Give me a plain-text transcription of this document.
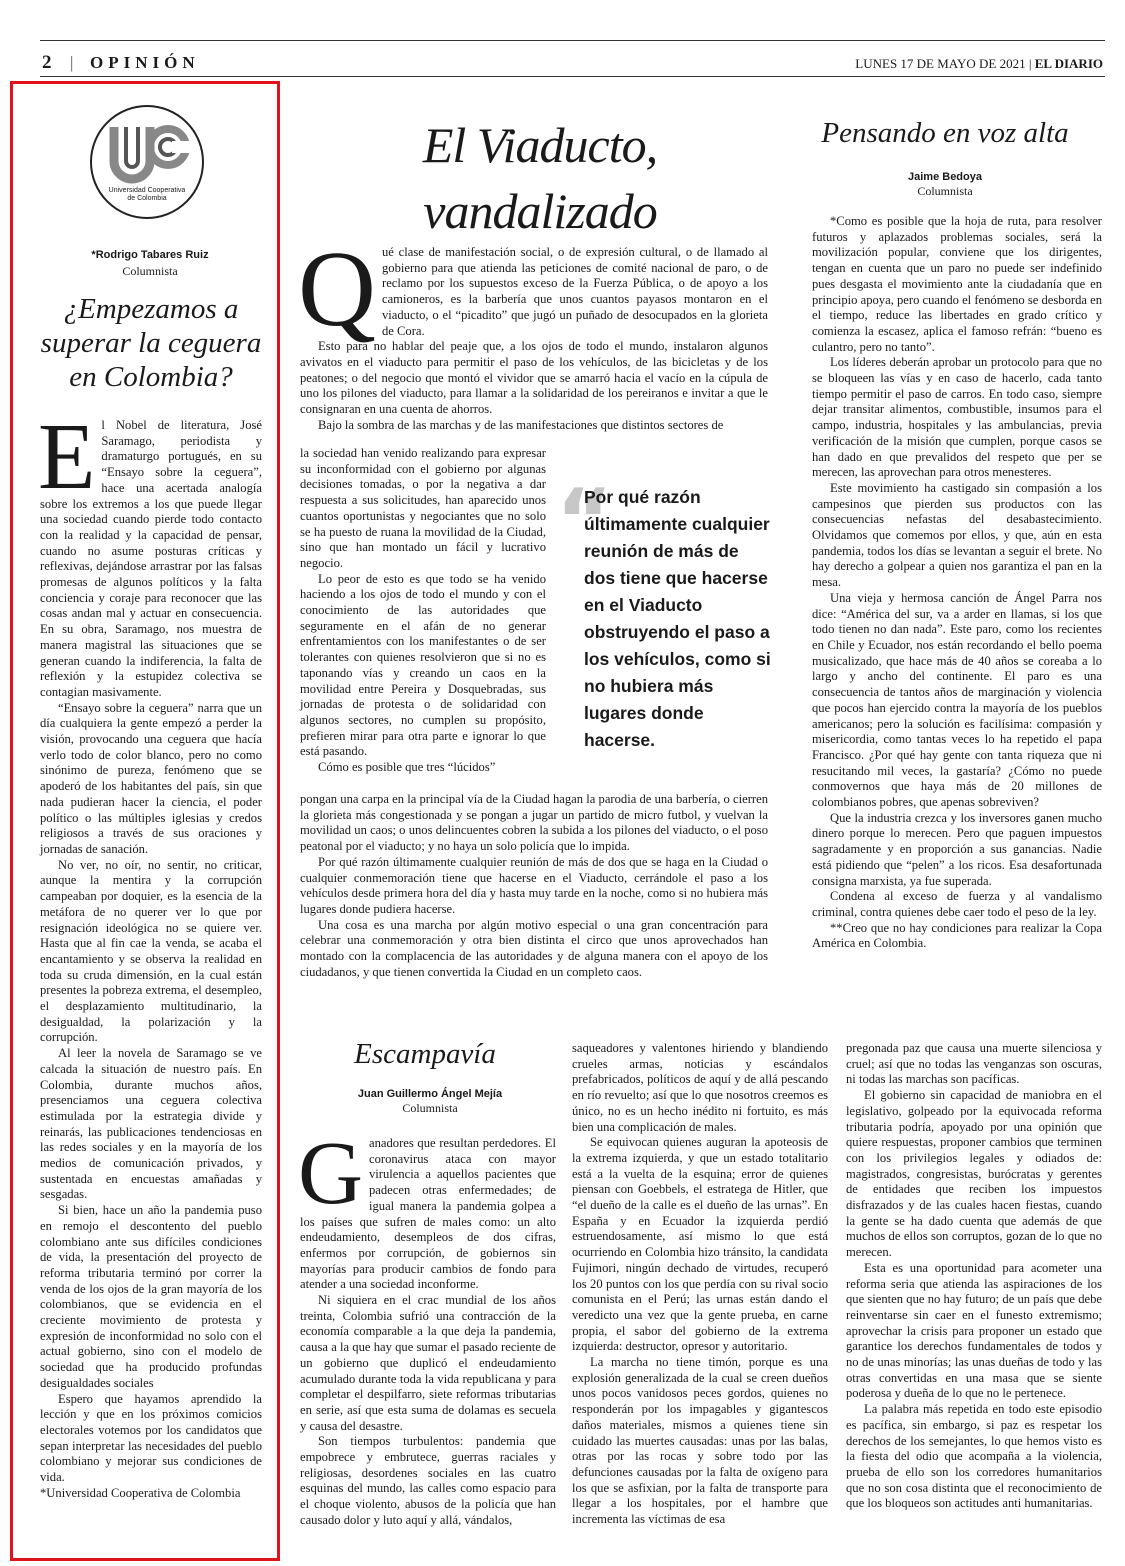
2 | OPINIÓN	LUNES 17 DE MAYO DE 2021 | EL DIARIO
Universidad Cooperativa
de Colombia
*Rodrigo Tabares Ruiz
Columnista
¿Empezamos a
superar la ceguera
en Colombia?

El Nobel de literatura, José Saramago, periodista y dramaturgo portugués, en su “Ensayo sobre la ceguera”, hace una acertada analogía sobre los extremos a los que puede llegar una sociedad cuando pierde todo contacto con la realidad y la capacidad de pensar, cuando no asume posturas críticas y reflexivas, dejándose arrastrar por las falsas promesas de algunos políticos y la falta conciencia y coraje para reconocer que las cosas andan mal y actuar en consecuencia. En su obra, Saramago, nos muestra de manera magistral las situaciones que se generan cuando la indiferencia, la falta de reflexión y la estupidez colectiva se contagian masivamente.

“Ensayo sobre la ceguera” narra que un día cualquiera la gente empezó a perder la visión, provocando una ceguera que hacía verlo todo de color blanco, pero no como sinónimo de pureza, fenómeno que se apoderó de los habitantes del país, sin que nada pudieran hacer la ciencia, el poder político o las múltiples iglesias y credos religiosos a través de sus oraciones y jornadas de sanación.

No ver, no oír, no sentir, no criticar, aunque la mentira y la corrupción campeaban por doquier, es la esencia de la metáfora de no querer ver lo que por resignación ideológica no se quiere ver. Hasta que al fin cae la venda, se acaba el encantamiento y se observa la realidad en toda su cruda dimensión, en la cual están presentes la pobreza extrema, el desempleo, el desplazamiento multitudinario, la desigualdad, la polarización y la corrupción.

Al leer la novela de Saramago se ve calcada la situación de nuestro país. En Colombia, durante muchos años, presenciamos una ceguera colectiva estimulada por la estrategia divide y reinarás, las publicaciones tendenciosas en las redes sociales y en la mayoría de los medios de comunicación privados, y sustentada en encuestas amañadas y sesgadas.

Si bien, hace un año la pandemia puso en remojo el descontento del pueblo colombiano ante sus difíciles condiciones de vida, la presentación del proyecto de reforma tributaria terminó por correr la venda de los ojos de la gran mayoría de los colombianos, que se evidencia en el creciente movimiento de protesta y expresión de inconformidad no solo con el actual gobierno, sino con el modelo de sociedad que ha producido profundas desigualdades sociales

Espero que hayamos aprendido la lección y que en los próximos comicios electorales votemos por los candidatos que sepan interpretar las necesidades del pueblo colombiano y mejorar sus condiciones de vida.

*Universidad Cooperativa de Colombia

El Viaducto,
vandalizado

Qué clase de manifestación social, o de expresión cultural, o de llamado al gobierno para que atienda las peticiones de comité nacional de paro, o de reclamo por los supuestos exceso de la Fuerza Pública, o de apoyo a los camioneros, es la barbería que unos cuantos payasos montaron en el viaducto, o el “picadito” que jugó un puñado de desocupados en la glorieta de Cora.

Esto para no hablar del peaje que, a los ojos de todo el mundo, instalaron algunos avivatos en el viaducto para permitir el paso de los vehículos, de las bicicletas y de los peatones; o del negocio que montó el vividor que se amarró hacia el vacío en la cúpula de uno los pilones del viaducto, para llamar a la solidaridad de los pereiranos e invitar a que le consignaran en una cuenta de ahorros.

Bajo la sombra de las marchas y de las manifestaciones que distintos sectores de

la sociedad han venido realizando para expresar su inconformidad con el gobierno por algunas decisiones tomadas, o por la negativa a dar respuesta a sus solicitudes, han aparecido unos cuantos oportunistas y negociantes que no solo se ha puesto de ruana la movilidad de la Ciudad, sino que han montado un fácil y lucrativo negocio.

Lo peor de esto es que todo se ha venido haciendo a los ojos de todo el mundo y con el conocimiento de las autoridades que seguramente en el afán de no generar enfrentamientos con los manifestantes o de ser tolerantes con quienes resolvieron que si no es taponando vías y creando un caos en la movilidad entre Pereira y Dosquebradas, sus jornadas de protesta o de solidaridad con algunos sectores, no cumplen su propósito, prefieren mirar para otra parte e ignorar lo que está pasando.

Cómo es posible que tres “lúcidos”

“
Por qué razón últimamente cualquier reunión de más de dos tiene que hacerse en el Viaducto obstruyendo el paso a los vehículos, como si no hubiera más lugares donde hacerse.

pongan una carpa en la principal vía de la Ciudad hagan la parodia de una barbería, o cierren la glorieta más congestionada y se pongan a jugar un partido de micro futbol, y vuelvan la movilidad un caos; o unos delincuentes cobren la subida a los pilones del viaducto, o el poso peatonal por el viaducto; y no haya un solo policía que lo impida.

Por qué razón últimamente cualquier reunión de más de dos que se haga en la Ciudad o cualquier conmemoración tiene que hacerse en el Viaducto, cerrándole el paso a los vehículos desde primera hora del día y hasta muy tarde en la noche, como si no hubiera más lugares donde pudiera hacerse.

Una cosa es una marcha por algún motivo especial o una gran concentración para celebrar una conmemoración y otra bien distinta el circo que unos aprovechados han montado con la complacencia de las autoridades y de alguna manera con el apoyo de los ciudadanos, y que tienen convertida la Ciudad en un completo caos.

Pensando en voz alta
Jaime Bedoya
Columnista

*Como es posible que la hoja de ruta, para resolver futuros y aplazados problemas sociales, será la movilización popular, conviene que los dirigentes, tengan en cuenta que un paro no puede ser indefinido pues desgasta el movimiento ante la ciudadanía que en principio apoya, pero cuando el fenómeno se desborda en el tiempo, reduce las libertades en grado crítico y comienza la escasez, aplica el famoso refrán: “bueno es culantro, pero no tanto”.

Los líderes deberán aprobar un protocolo para que no se bloqueen las vías y en caso de hacerlo, cada tanto tiempo permitir el paso de carros. En todo caso, siempre dejar transitar alimentos, combustible, insumos para el campo, industria, hospitales y las ambulancias, previa verificación de la misión que cumplen, porque casos se han dado en que prevalidos del respeto que per se merecen, las aprovechan para otros menesteres.

Este movimiento ha castigado sin compasión a los campesinos que pierden sus productos con las consecuencias nefastas del desabastecimiento. Olvidamos que comemos por ellos, y que, aún en esta pandemia, todos los días se levantan a seguir el brete. No hay derecho a golpear a quien nos garantiza el pan en la mesa.

Una vieja y hermosa canción de Ángel Parra nos dice: “América del sur, va a arder en llamas, si los que todo tienen no dan nada”. Este paro, como los recientes en Chile y Ecuador, nos están recordando el bello poema musicalizado, que hace más de 40 años se coreaba a lo largo y ancho del continente. El paro es una consecuencia de tantos años de marginación y violencia que pocos han ejercido contra la mayoría de los pueblos americanos; pero la solución es facilísima: compasión y misericordia, como tantas veces lo ha repetido el papa Francisco. ¿Por qué hay gente con tanta riqueza que ni resucitando mil veces, la gastaría? ¿Cómo no puede conmovernos que haya más de 20 millones de colombianos pobres, que apenas sobreviven?

Que la industria crezca y los inversores ganen mucho dinero porque lo merecen. Pero que paguen impuestos sagradamente y en proporción a sus ganancias. Nadie está pidiendo que “pelen” a los ricos. Esa desafortunada consigna marxista, ya fue superada.

Condena al exceso de fuerza y al vandalismo criminal, contra quienes debe caer todo el peso de la ley.

**Creo que no hay condiciones para realizar la Copa América en Colombia.

Escampavía
Juan Guillermo Ángel Mejía
Columnista

Ganadores que resultan perdedores. El coronavirus ataca con mayor virulencia a aquellos pacientes que padecen otras enfermedades; de igual manera la pandemia golpea a los países que sufren de males como: un alto endeudamiento, desempleos de dos cifras, enfermos por corrupción, de gobiernos sin mayorías para producir cambios de fondo para atender a una sociedad inconforme.

Ni siquiera en el crac mundial de los años treinta, Colombia sufrió una contracción de la economía comparable a la que deja la pandemia, causa a la que hay que sumar el pasado reciente de un gobierno que duplicó el endeudamiento acumulado durante toda la vida republicana y para completar el despilfarro, siete reformas tributarias en serie, así que esta suma de dolamas es secuela y causa del desastre.

Son tiempos turbulentos: pandemia que empobrece y embrutece, guerras raciales y religiosas, desordenes sociales en las cuatro esquinas del mundo, las calles como espacio para el choque violento, abusos de la policía que han causado dolor y luto aquí y allá, vándalos,

saqueadores y valentones hiriendo y blandiendo crueles armas, noticias y escándalos prefabricados, políticos de aquí y de allá pescando en río revuelto; así que lo que nosotros creemos es único, no es un hecho inédito ni fortuito, es más bien una complicación de males.

Se equivocan quienes auguran la apoteosis de la extrema izquierda, y que un estado totalitario está a la vuelta de la esquina; error de quienes piensan con Goebbels, el estratega de Hitler, que “el dueño de la calle es el dueño de las urnas”. En España y en Ecuador la izquierda perdió estruendosamente, así mismo lo que está ocurriendo en Colombia hizo tránsito, la candidata Fujimori, ningún dechado de virtudes, recuperó los 20 puntos con los que perdía con su rival socio comunista en el Perú; las urnas están dando el veredicto una vez que la gente prueba, en carne propia, el sabor del gobierno de la extrema izquierda: destructor, opresor y autoritario.

La marcha no tiene timón, porque es una explosión generalizada de la cual se creen dueños unos pocos vanidosos peces gordos, quienes no responderán por los impagables y gigantescos daños materiales, mismos a quienes tiene sin cuidado las muertes causadas: unas por las balas, otras por las rocas y sobre todo por las defunciones causadas por la falta de oxígeno para los que se asfixian, por la falta de transporte para llegar a los hospitales, por el hambre que incrementa las víctimas de esa

pregonada paz que causa una muerte silenciosa y cruel; así que no todas las venganzas son oscuras, ni todas las marchas son pacíficas.

El gobierno sin capacidad de maniobra en el legislativo, golpeado por la equivocada reforma tributaria podría, apoyado por una opinión que quiere respuestas, proponer cambios que terminen con los privilegios legales y odiados de: magistrados, congresistas, burócratas y gerentes de entidades que reciben los impuestos disfrazados y de las cuales hacen fiestas, cuando la gente se ha dado cuenta que además de que muchos de ellos son corruptos, gozan de lo que no merecen.

Esta es una oportunidad para acometer una reforma seria que atienda las aspiraciones de los que sienten que no hay futuro; de un país que debe reinventarse sin caer en el funesto extremismo; aprovechar la crisis para proponer un estado que garantice los derechos fundamentales de todos y no de unas minorías; las unas dueñas de todo y las otras convertidas en una masa que se siente poderosa y dueña de lo que no le pertenece.

La palabra más repetida en todo este episodio es pacífica, sin embargo, si paz es respetar los derechos de los semejantes, lo que hemos visto es la fiesta del odio que acompaña a la violencia, prueba de ello son los corredores humanitarios que no son cosa distinta que el reconocimiento de que los bloqueos son actitudes anti humanitarias.
